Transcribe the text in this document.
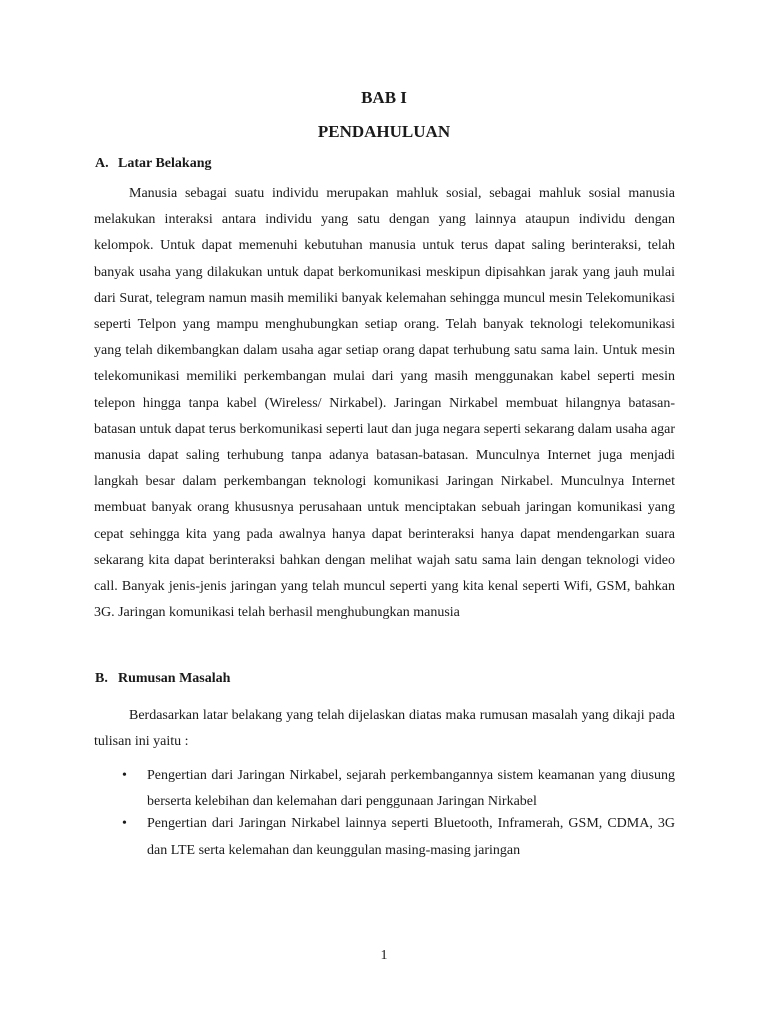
BAB I
PENDAHULUAN
A. Latar Belakang
Manusia sebagai suatu individu merupakan mahluk sosial, sebagai mahluk sosial manusia melakukan interaksi antara individu yang satu dengan yang lainnya ataupun individu dengan kelompok. Untuk dapat memenuhi kebutuhan manusia untuk terus dapat saling berinteraksi, telah banyak usaha yang dilakukan untuk dapat berkomunikasi meskipun dipisahkan jarak yang jauh mulai dari Surat, telegram namun masih memiliki banyak kelemahan sehingga muncul mesin Telekomunikasi seperti Telpon yang mampu menghubungkan setiap orang. Telah banyak teknologi telekomunikasi yang telah dikembangkan dalam usaha agar setiap orang dapat terhubung satu sama lain. Untuk mesin telekomunikasi memiliki perkembangan mulai dari yang masih menggunakan kabel seperti mesin telepon hingga tanpa kabel (Wireless/ Nirkabel). Jaringan Nirkabel membuat hilangnya batasan-batasan untuk dapat terus berkomunikasi seperti laut dan juga negara seperti sekarang dalam usaha agar manusia dapat saling terhubung tanpa adanya batasan-batasan. Munculnya Internet juga menjadi langkah besar dalam perkembangan teknologi komunikasi Jaringan Nirkabel. Munculnya Internet membuat banyak orang khususnya perusahaan untuk menciptakan sebuah jaringan komunikasi yang cepat sehingga kita yang pada awalnya hanya dapat berinteraksi hanya dapat mendengarkan suara sekarang kita dapat berinteraksi bahkan dengan melihat wajah satu sama lain dengan teknologi video call. Banyak jenis-jenis jaringan yang telah muncul seperti yang kita kenal seperti Wifi, GSM, bahkan 3G. Jaringan komunikasi telah berhasil menghubungkan manusia
B. Rumusan Masalah
Berdasarkan latar belakang yang telah dijelaskan diatas maka rumusan masalah yang dikaji pada tulisan ini yaitu :
• Pengertian dari Jaringan Nirkabel, sejarah perkembangannya sistem keamanan yang diusung berserta kelebihan dan kelemahan dari penggunaan Jaringan Nirkabel
• Pengertian dari Jaringan Nirkabel lainnya seperti Bluetooth, Inframerah, GSM, CDMA, 3G dan LTE serta kelemahan dan keunggulan masing-masing jaringan
1
